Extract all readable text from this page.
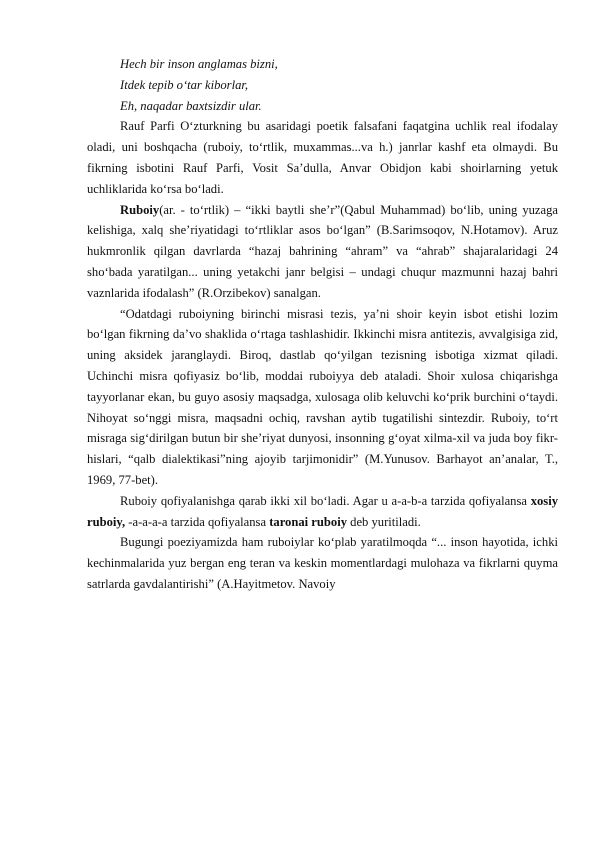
Hech bir inson anglamas bizni,

Itdek tepib o‘tar kiborlar,

Eh, naqadar baxtsizdir ular.

Rauf Parfi O‘zturkning bu asaridagi poetik falsafani faqatgina uchlik real ifodalay oladi, uni boshqacha (ruboiy, to‘rtlik, muxammas...va h.) janrlar kashf eta olmaydi. Bu fikrning isbotini Rauf Parfi, Vosit Sa’dulla, Anvar Obidjon kabi shoirlarning yetuk uchliklarida ko‘rsa bo‘ladi.

Ruboiy(ar. - to‘rtlik) – “ikki baytli she’r”(Qabul Muhammad) bo‘lib, uning yuzaga kelishiga, xalq she’riyatidagi to‘rtliklar asos bo‘lgan” (B.Sarimsoqov, N.Hotamov). Aruz hukmronlik qilgan davrlarda “hazaj bahrining “ahram” va “ahrab” shajaralaridagi 24 sho‘bada yaratilgan... uning yetakchi janr belgisi – undagi chuqur mazmunni hazaj bahri vaznlarida ifodalash” (R.Orzibekov) sanalgan.

“Odatdagi ruboiyning birinchi misrasi tezis, ya’ni shoir keyin isbot etishi lozim bo‘lgan fikrning da’vo shaklida o‘rtaga tashlashidir. Ikkinchi misra antitezis, avvalgisiga zid, uning aksidek jaranglaydi. Biroq, dastlab qo‘yilgan tezisning isbotiga xizmat qiladi. Uchinchi misra qofiyasiz bo‘lib, moddai ruboiyya deb ataladi. Shoir xulosa chiqarishga tayyorlanar ekan, bu guyo asosiy maqsadga, xulosaga olib keluvchi ko‘prik burchini o‘taydi. Nihoyat so‘nggi misra, maqsadni ochiq, ravshan aytib tugatilishi sintezdir. Ruboiy, to‘rt misraga sig‘dirilgan butun bir she’riyat dunyosi, insonning g‘oyat xilma-xil va juda boy fikr-hislari, “qalb dialektikasi”ning ajoyib tarjimonidir” (M.Yunusov. Barhayot an’analar, T., 1969, 77-bet).

Ruboiy qofiyalanishga qarab ikki xil bo‘ladi. Agar u a-a-b-a tarzida qofiyalansa xosiy ruboiy, -a-a-a-a tarzida qofiyalansa taronai ruboiy deb yuritiladi.

Bugungi poeziyamizda ham ruboiylar ko‘plab yaratilmoqda “... inson hayotida, ichki kechinmalarida yuz bergan eng teran va keskin momentlardagi mulohaza va fikrlarni quyma satrlarda gavdalantirishi” (A.Hayitmetov. Navoiy
